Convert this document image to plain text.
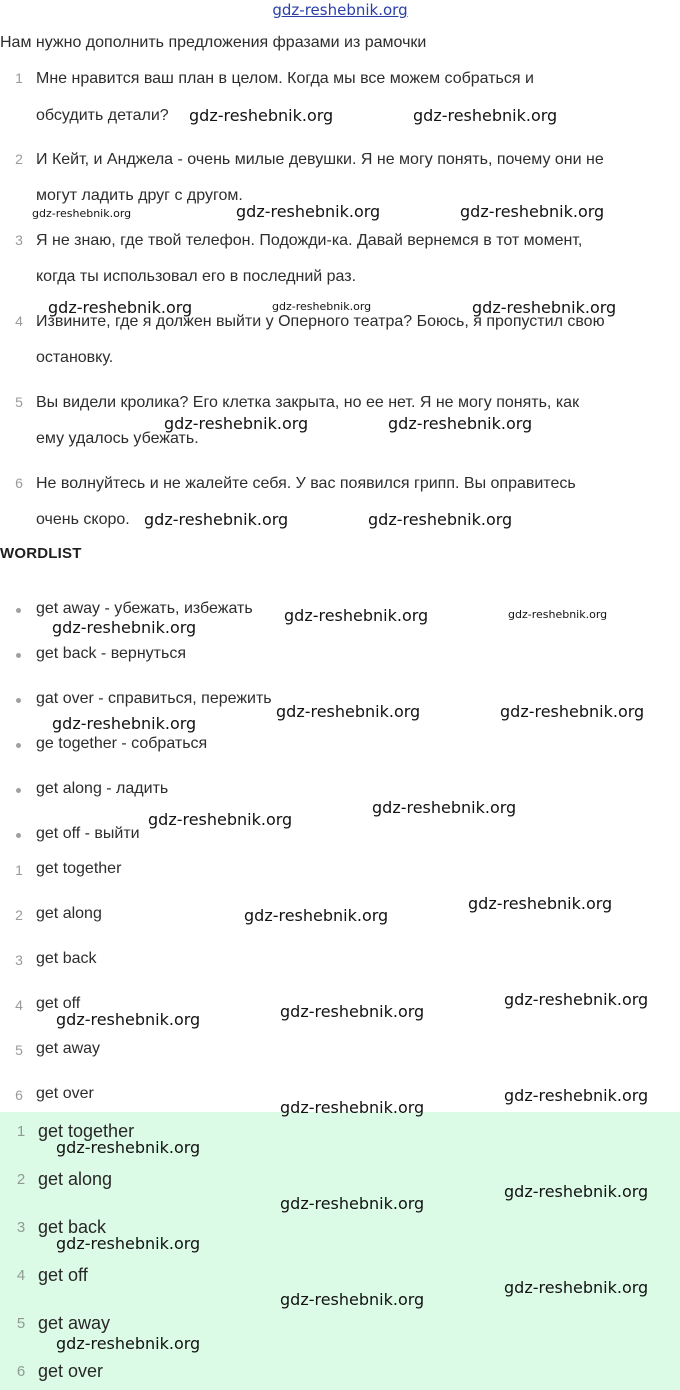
gdz-reshebnik.org
Нам нужно дополнить предложения фразами из рамочки
1 Мне нравится ваш план в целом. Когда мы все можем собраться и
обсудить детали?
2 И Кейт, и Анджела - очень милые девушки. Я не могу понять, почему они не
могут ладить друг с другом.
3 Я не знаю, где твой телефон. Подожди-ка. Давай вернемся в тот момент,
когда ты использовал его в последний раз.
4 Извините, где я должен выйти у Оперного театра? Боюсь, я пропустил свою
остановку.
5 Вы видели кролика? Его клетка закрыта, но ее нет. Я не могу понять, как
ему удалось убежать.
6 Не волнуйтесь и не жалейте себя. У вас появился грипп. Вы оправитесь
очень скоро.
WORDLIST
get away - убежать, избежать
get back - вернуться
gat over - справиться, пережить
ge together - собраться
get along - ладить
get off - выйти
1 get together
2 get along
3 get back
4 get off
5 get away
6 get over
1 get together
2 get along
3 get back
4 get off
5 get away
6 get over
gdz-reshebnik.org	gdz-reshebnik.org
gdz-reshebnik.org	gdz-reshebnik.org	gdz-reshebnik.org
gdz-reshebnik.org	gdz-reshebnik.org	gdz-reshebnik.org
gdz-reshebnik.org	gdz-reshebnik.org
gdz-reshebnik.org	gdz-reshebnik.org
gdz-reshebnik.org	gdz-reshebnik.org
gdz-reshebnik.org
gdz-reshebnik.org	gdz-reshebnik.org
gdz-reshebnik.org
gdz-reshebnik.org
gdz-reshebnik.org
gdz-reshebnik.org
gdz-reshebnik.org
gdz-reshebnik.org
gdz-reshebnik.org
gdz-reshebnik.org
gdz-reshebnik.org
gdz-reshebnik.org
gdz-reshebnik.org
gdz-reshebnik.org
gdz-reshebnik.org
gdz-reshebnik.org
gdz-reshebnik.org
gdz-reshebnik.org
gdz-reshebnik.org
